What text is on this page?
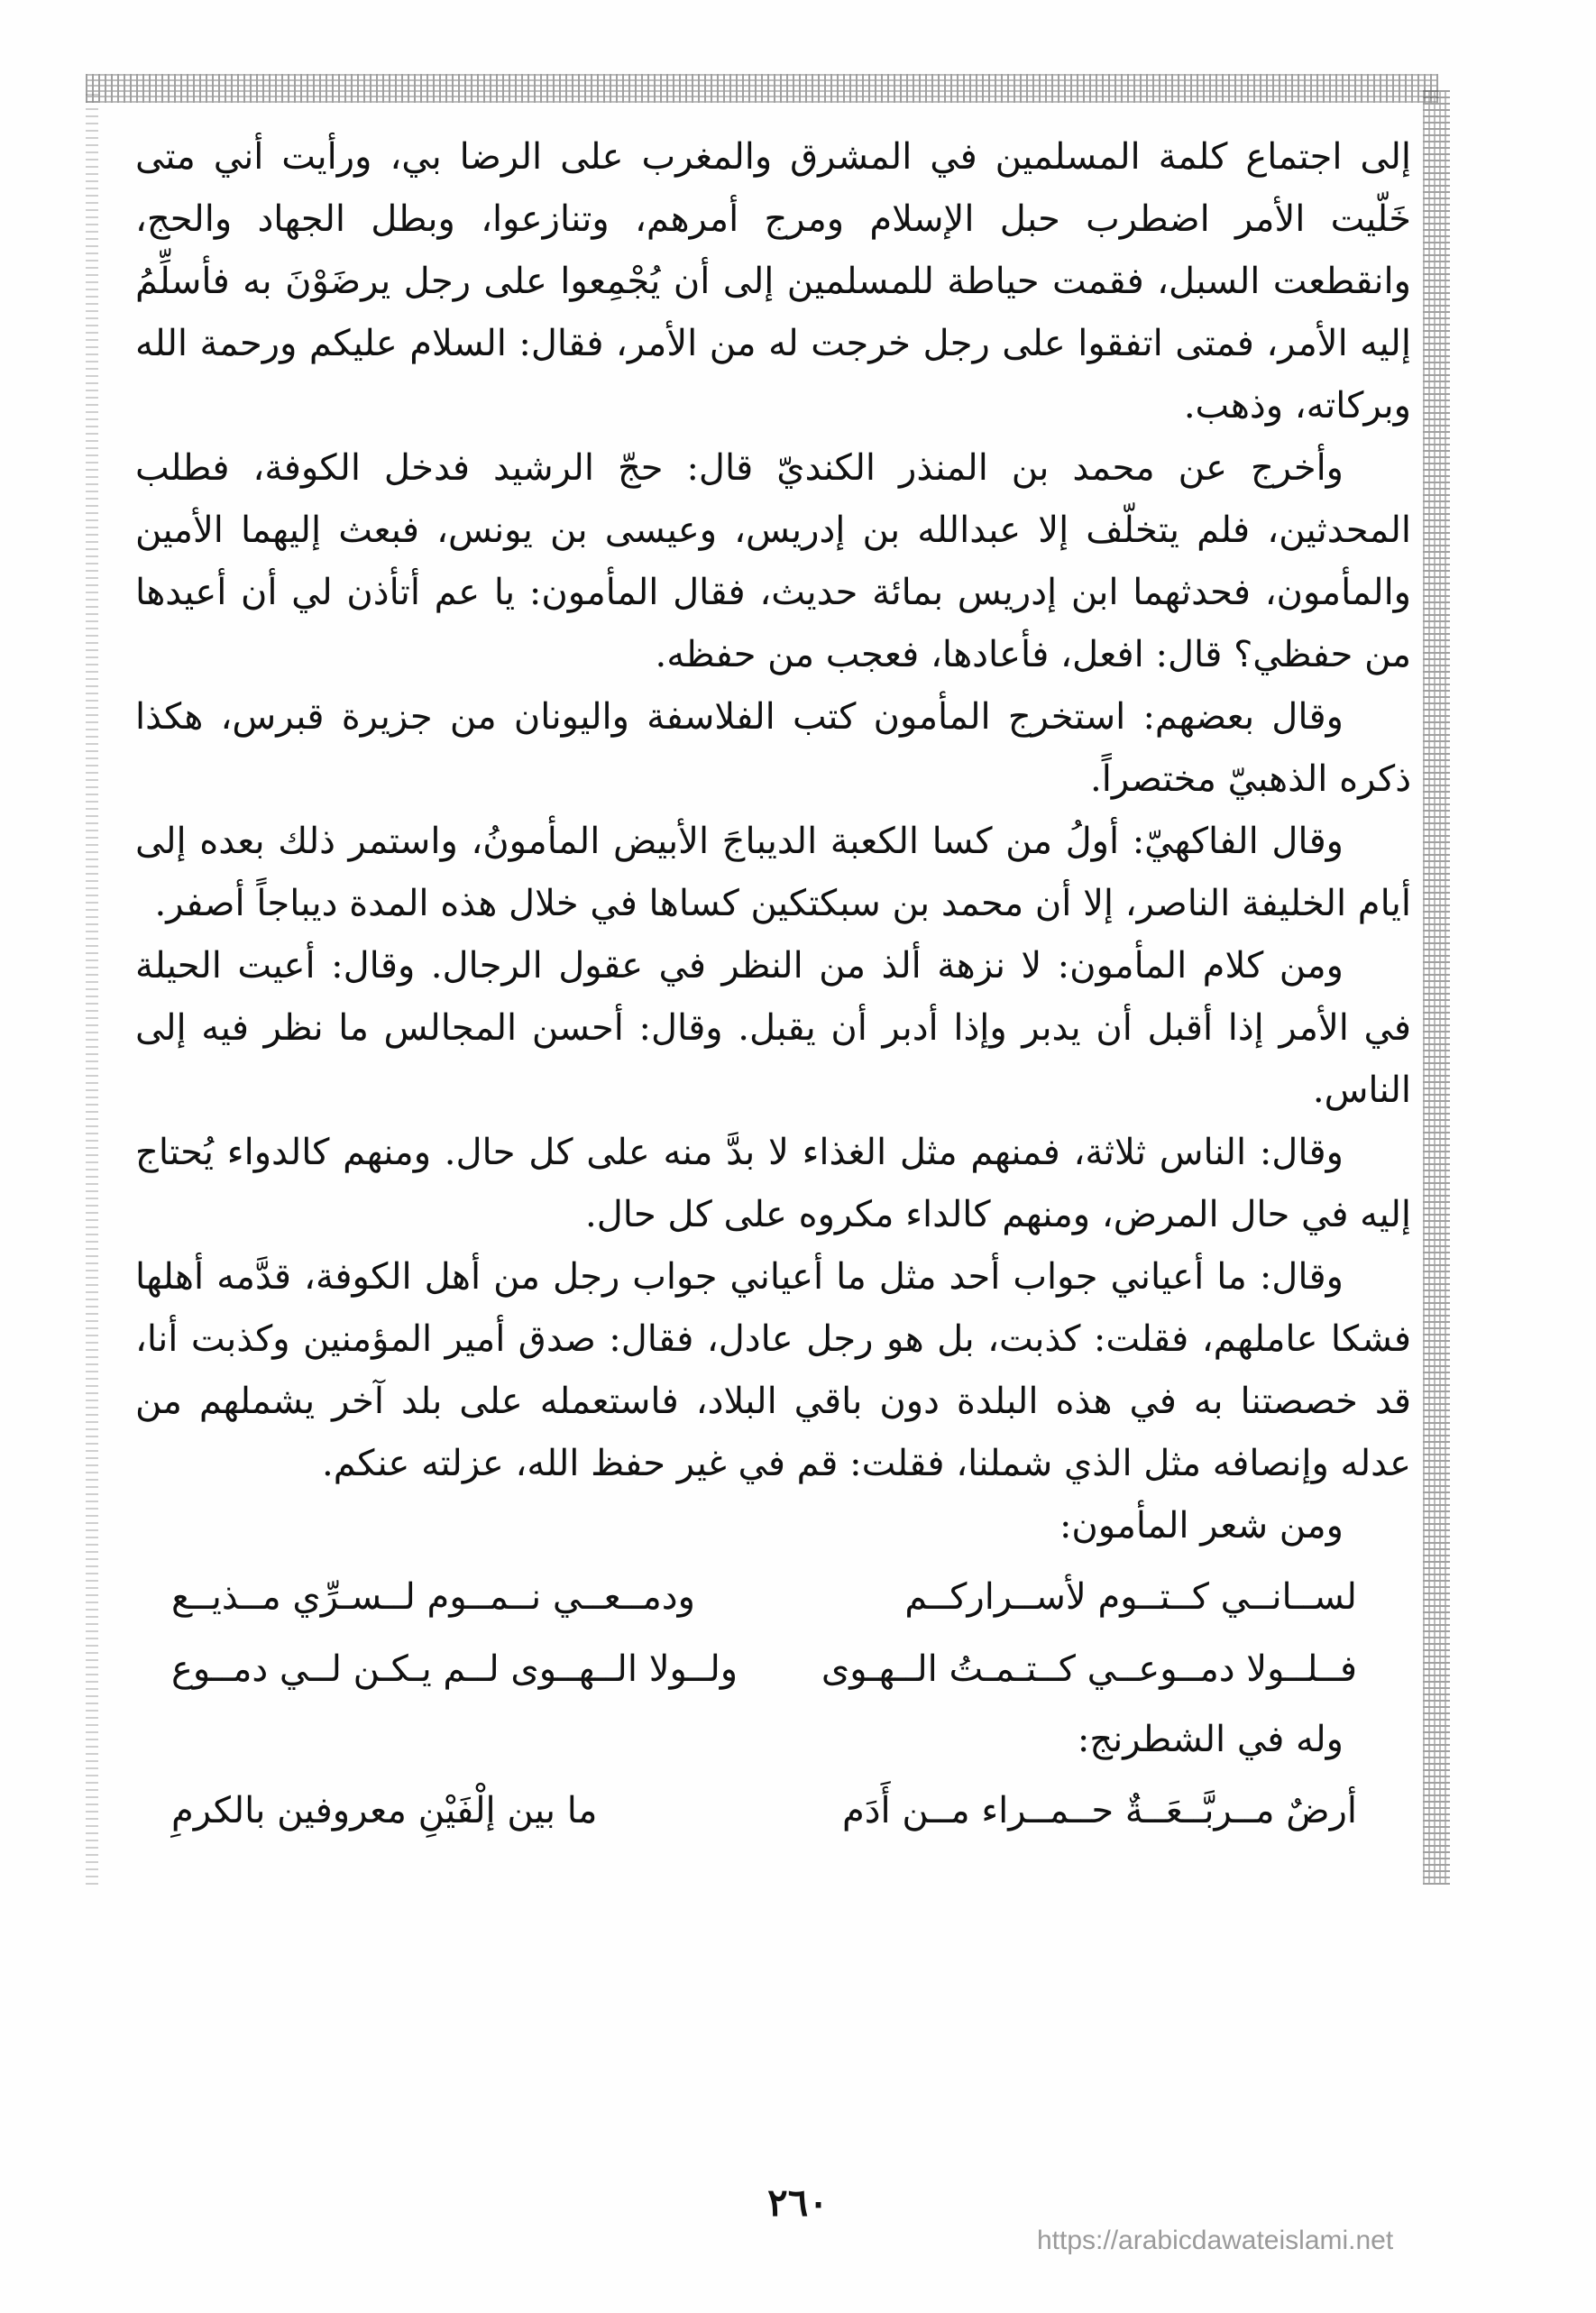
إلى اجتماع كلمة المسلمين في المشرق والمغرب على الرضا بي، ورأيت أني متى خَلّيت الأمر اضطرب حبل الإسلام ومرج أمرهم، وتنازعوا، وبطل الجهاد والحج، وانقطعت السبل، فقمت حياطة للمسلمين إلى أن يُجْمِعوا على رجل يرضَوْنَ به فأسلِّمُ إليه الأمر، فمتى اتفقوا على رجل خرجت له من الأمر، فقال: السلام عليكم ورحمة الله وبركاته، وذهب.

وأخرج عن محمد بن المنذر الكنديّ قال: حجّ الرشيد فدخل الكوفة، فطلب المحدثين، فلم يتخلّف إلا عبدالله بن إدريس، وعيسى بن يونس، فبعث إليهما الأمين والمأمون، فحدثهما ابن إدريس بمائة حديث، فقال المأمون: يا عم أتأذن لي أن أعيدها من حفظي؟ قال: افعل، فأعادها، فعجب من حفظه.

وقال بعضهم: استخرج المأمون كتب الفلاسفة واليونان من جزيرة قبرس، هكذا ذكره الذهبيّ مختصراً.

وقال الفاكهيّ: أولُ من كسا الكعبة الديباجَ الأبيض المأمونُ، واستمر ذلك بعده إلى أيام الخليفة الناصر، إلا أن محمد بن سبكتكين كساها في خلال هذه المدة ديباجاً أصفر.

ومن كلام المأمون: لا نزهة ألذ من النظر في عقول الرجال. وقال: أعيت الحيلة في الأمر إذا أقبل أن يدبر وإذا أدبر أن يقبل. وقال: أحسن المجالس ما نظر فيه إلى الناس.

وقال: الناس ثلاثة، فمنهم مثل الغذاء لا بدَّ منه على كل حال. ومنهم كالدواء يُحتاج إليه في حال المرض، ومنهم كالداء مكروه على كل حال.

وقال: ما أعياني جواب أحد مثل ما أعياني جواب رجل من أهل الكوفة، قدَّمه أهلها فشكا عاملهم، فقلت: كذبت، بل هو رجل عادل، فقال: صدق أمير المؤمنين وكذبت أنا، قد خصصتنا به في هذه البلدة دون باقي البلاد، فاستعمله على بلد آخر يشملهم من عدله وإنصافه مثل الذي شملنا، فقلت: قم في غير حفظ الله، عزلته عنكم.

ومن شعر المأمون:

لســانــي كــتــوم لأســراركــم
ودمــعــي نــمــوم لــسـرِّي مــذيــع
فــلــولا دمــوعــي كــتـمـتُ الــهـوى
ولــولا الــهــوى لــم يـكـن لــي دمــوع

وله في الشطرنج:

أرضٌ مــربَّــعَــةٌ حــمــراء مــن أَدَم
ما بين إلْفَيْنِ معروفين بالكرمِ
٢٦٠
https://arabicdawateislami.net
